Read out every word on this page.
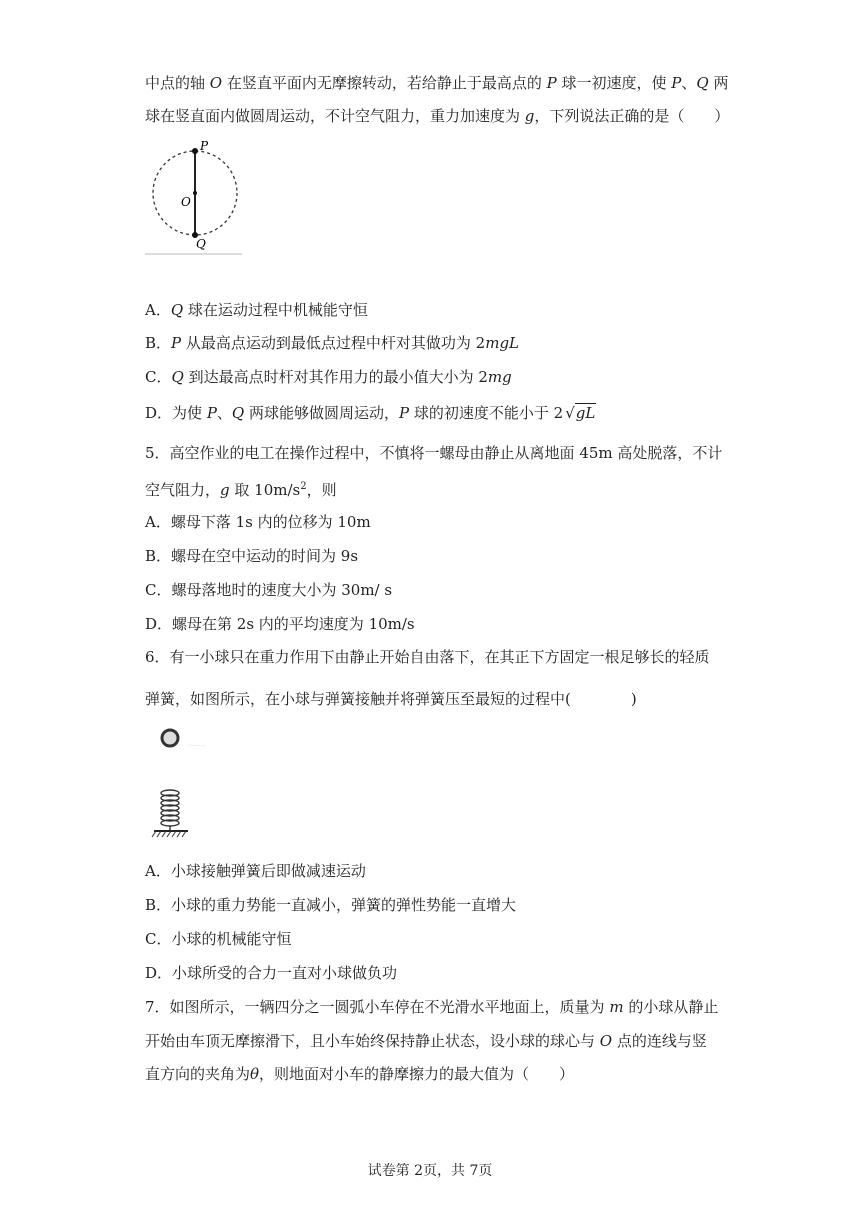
中点的轴 O 在竖直平面内无摩擦转动，若给静止于最高点的 P 球一初速度，使 P、Q 两
球在竖直面内做圆周运动，不计空气阻力，重力加速度为 g，下列说法正确的是（　　）
P
O
Q
A．Q 球在运动过程中机械能守恒
B．P 从最高点运动到最低点过程中杆对其做功为 2mgL
C．Q 到达最高点时杆对其作用力的最小值大小为 2mg
D．为使 P、Q 两球能够做圆周运动，P 球的初速度不能小于 2 √gL
5．高空作业的电工在操作过程中，不慎将一螺母由静止从离地面 45m 高处脱落，不计
空气阻力，g 取 $10m/s^2$，则
A．螺母下落 1s 内的位移为 10m
B．螺母在空中运动的时间为 9s
C．螺母落地时的速度大小为 30m/ s
D．螺母在第 2s 内的平均速度为 10m/s
6．有一小球只在重力作用下由静止开始自由落下，在其正下方固定一根足够长的轻质
弹簧，如图所示，在小球与弹簧接触并将弹簧压至最短的过程中(　　　　)
A．小球接触弹簧后即做减速运动
B．小球的重力势能一直减小，弹簧的弹性势能一直增大
C．小球的机械能守恒
D．小球所受的合力一直对小球做负功
7．如图所示，一辆四分之一圆弧小车停在不光滑水平地面上，质量为 m 的小球从静止
开始由车顶无摩擦滑下，且小车始终保持静止状态，设小球的球心与 O 点的连线与竖
直方向的夹角为θ，则地面对小车的静摩擦力的最大值为（　　）
试卷第 2页，共 7页
